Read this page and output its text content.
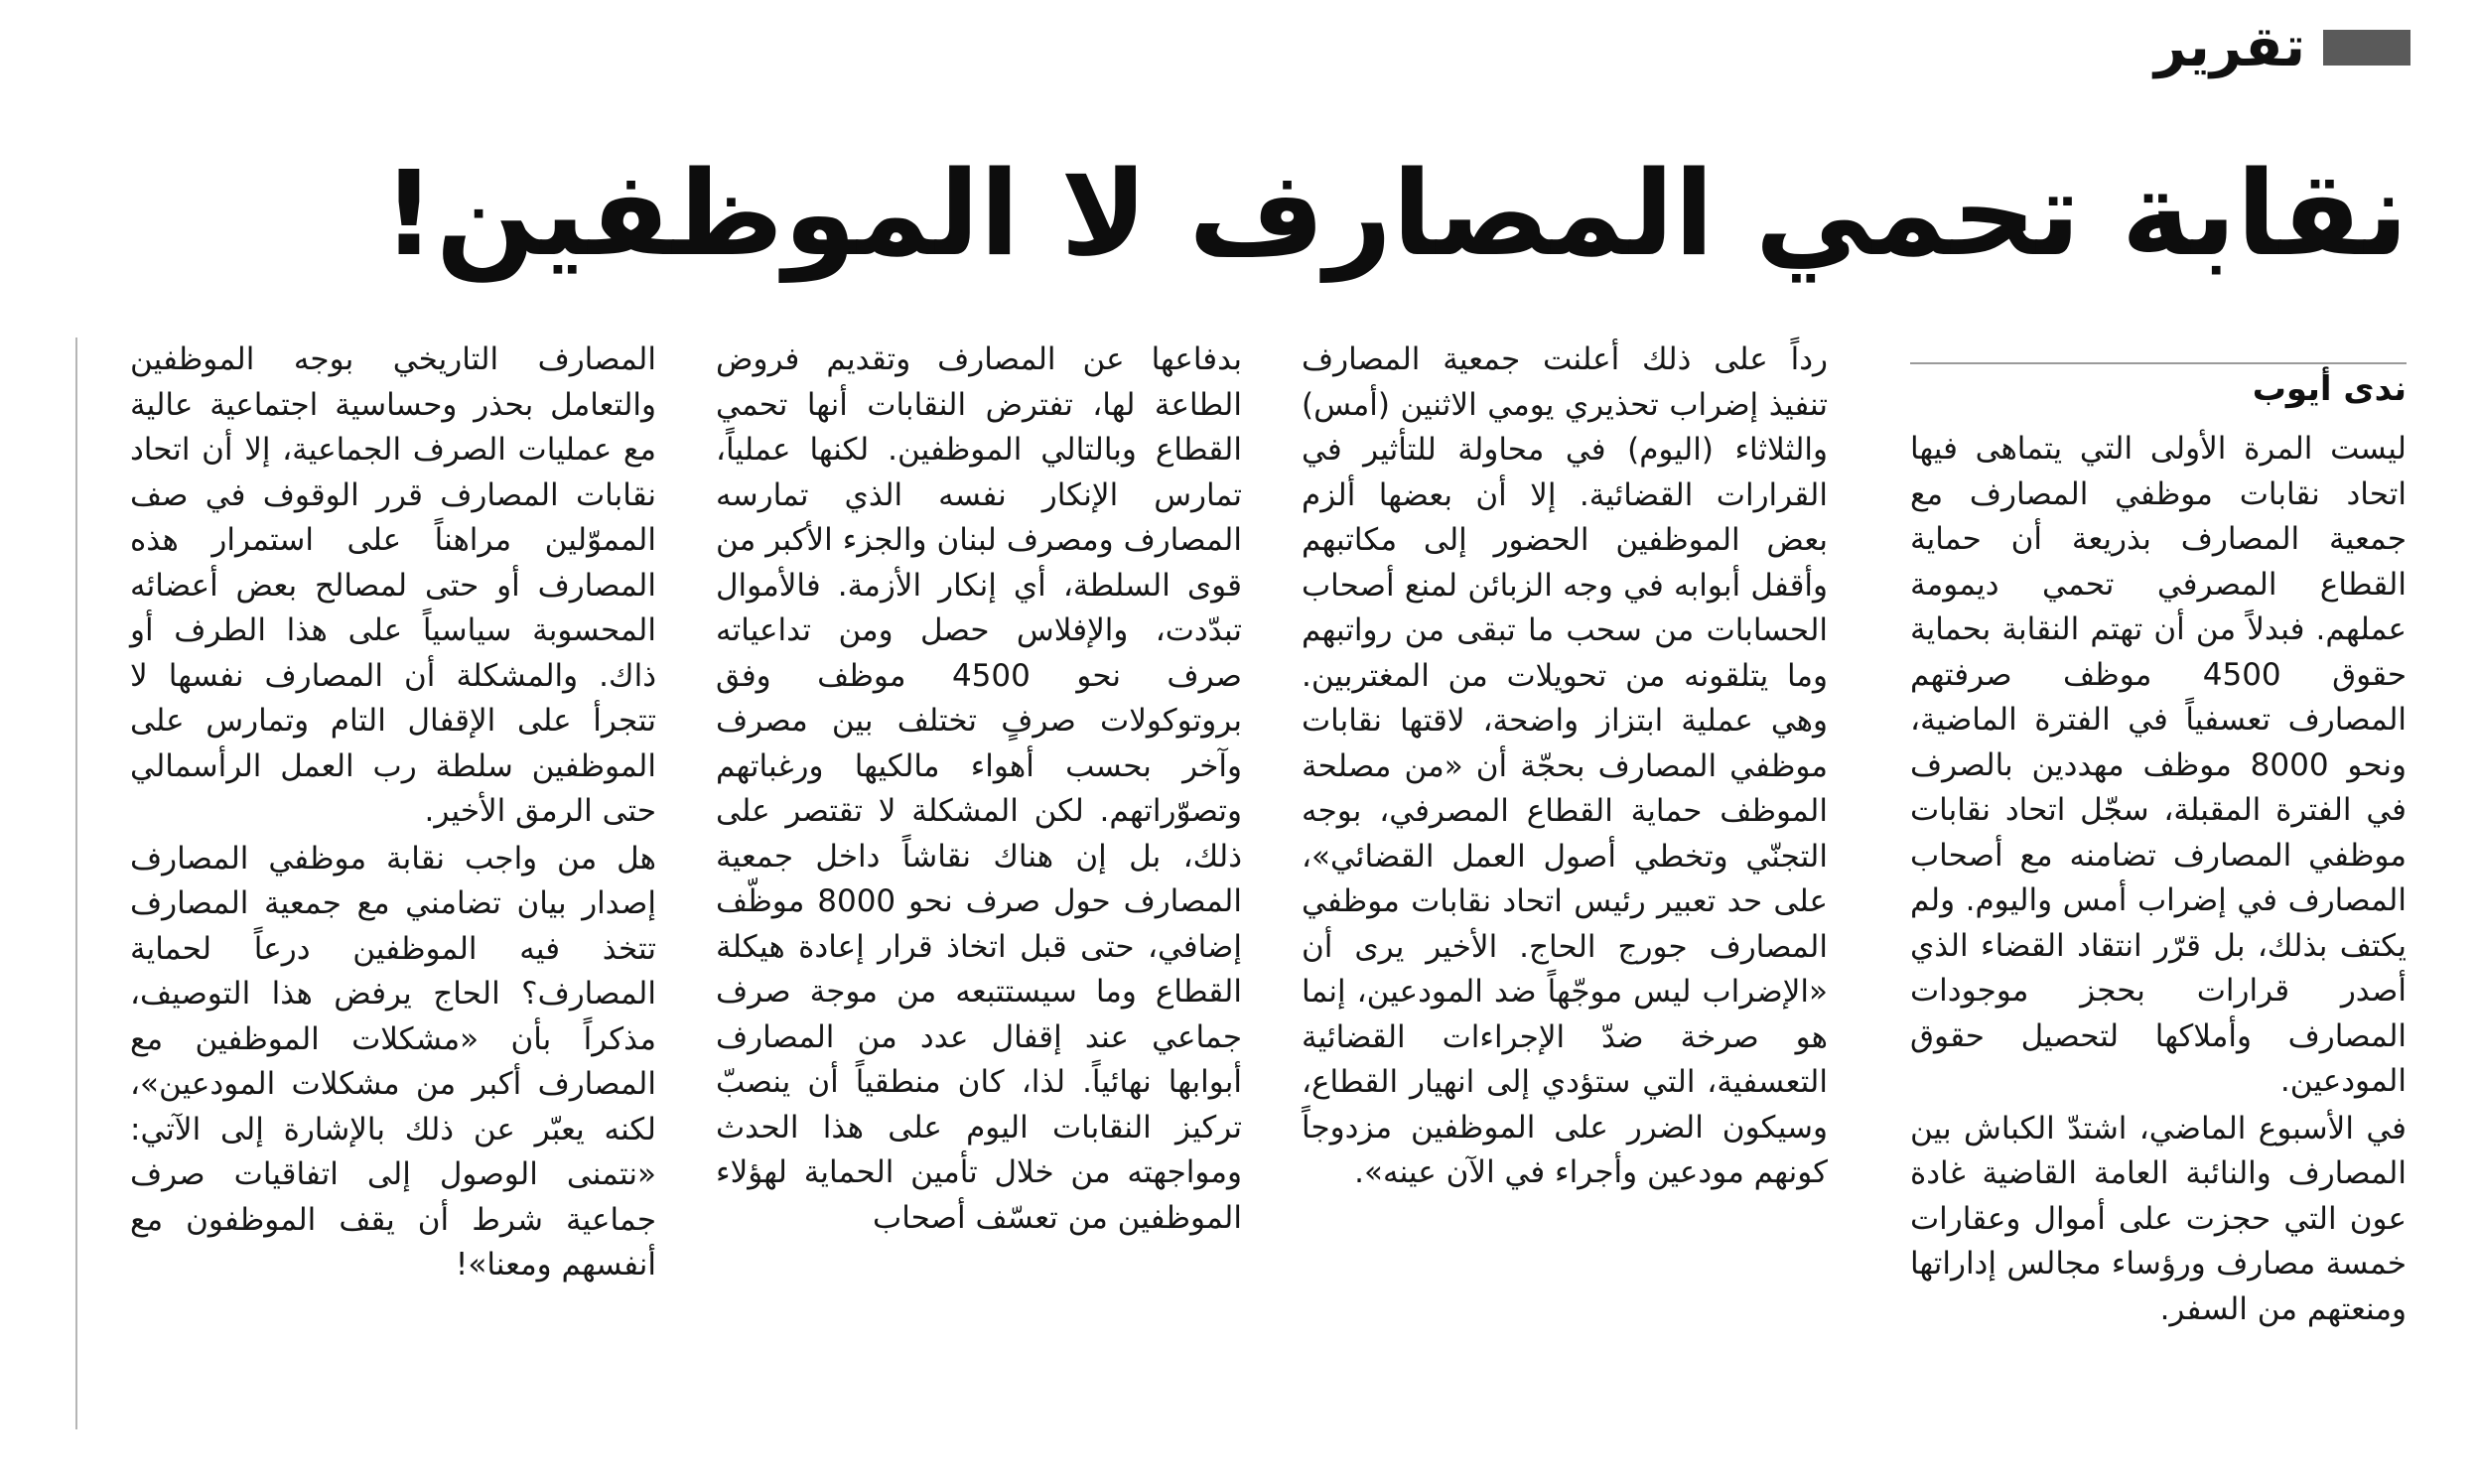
تقرير
نقابة تحمي المصارف لا الموظفين!
ندى أيوب

ليست المرة الأولى التي يتماهى فيها اتحاد نقابات موظفي المصارف مع جمعية المصارف بذريعة أن حماية القطاع المصرفي تحمي ديمومة عملهم. فبدلاً من أن تهتم النقابة بحماية حقوق 4500 موظف صرفتهم المصارف تعسفياً في الفترة الماضية، ونحو 8000 موظف مهددين بالصرف في الفترة المقبلة، سجّل اتحاد نقابات موظفي المصارف تضامنه مع أصحاب المصارف في إضراب أمس واليوم. ولم يكتف بذلك، بل قرّر انتقاد القضاء الذي أصدر قرارات بحجز موجودات المصارف وأملاكها لتحصيل حقوق المودعين.

في الأسبوع الماضي، اشتدّ الكباش بين المصارف والنائبة العامة القاضية غادة عون التي حجزت على أموال وعقارات خمسة مصارف ورؤساء مجالس إداراتها ومنعتهم من السفر.

رداً على ذلك أعلنت جمعية المصارف تنفيذ إضراب تحذيري يومي الاثنين (أمس) والثلاثاء (اليوم) في محاولة للتأثير في القرارات القضائية. إلا أن بعضها ألزم بعض الموظفين الحضور إلى مكاتبهم وأقفل أبوابه في وجه الزبائن لمنع أصحاب الحسابات من سحب ما تبقى من رواتبهم وما يتلقونه من تحويلات من المغتربين. وهي عملية ابتزاز واضحة، لاقتها نقابات موظفي المصارف بحجّة أن «من مصلحة الموظف حماية القطاع المصرفي، بوجه التجنّي وتخطي أصول العمل القضائي»، على حد تعبير رئيس اتحاد نقابات موظفي المصارف جورج الحاج. الأخير يرى أن «الإضراب ليس موجّهاً ضد المودعين، إنما هو صرخة ضدّ الإجراءات القضائية التعسفية، التي ستؤدي إلى انهيار القطاع، وسيكون الضرر على الموظفين مزدوجاً كونهم مودعين وأجراء في الآن عينه».

بدفاعها عن المصارف وتقديم فروض الطاعة لها، تفترض النقابات أنها تحمي القطاع وبالتالي الموظفين. لكنها عملياً، تمارس الإنكار نفسه الذي تمارسه المصارف ومصرف لبنان والجزء الأكبر من قوى السلطة، أي إنكار الأزمة. فالأموال تبدّدت، والإفلاس حصل ومن تداعياته صرف نحو 4500 موظف وفق بروتوكولات صرفٍ تختلف بين مصرف وآخر بحسب أهواء مالكيها ورغباتهم وتصوّراتهم. لكن المشكلة لا تقتصر على ذلك، بل إن هناك نقاشاً داخل جمعية المصارف حول صرف نحو 8000 موظّف إضافي، حتى قبل اتخاذ قرار إعادة هيكلة القطاع وما سيستتبعه من موجة صرف جماعي عند إقفال عدد من المصارف أبوابها نهائياً. لذا، كان منطقياً أن ينصبّ تركيز النقابات اليوم على هذا الحدث ومواجهته من خلال تأمين الحماية لهؤلاء الموظفين من تعسّف أصحاب

المصارف التاريخي بوجه الموظفين والتعامل بحذر وحساسية اجتماعية عالية مع عمليات الصرف الجماعية، إلا أن اتحاد نقابات المصارف قرر الوقوف في صف المموّلين مراهناً على استمرار هذه المصارف أو حتى لمصالح بعض أعضائه المحسوبة سياسياً على هذا الطرف أو ذاك. والمشكلة أن المصارف نفسها لا تتجرأ على الإقفال التام وتمارس على الموظفين سلطة رب العمل الرأسمالي حتى الرمق الأخير.

هل من واجب نقابة موظفي المصارف إصدار بيان تضامني مع جمعية المصارف تتخذ فيه الموظفين درعاً لحماية المصارف؟ الحاج يرفض هذا التوصيف، مذكراً بأن «مشكلات الموظفين مع المصارف أكبر من مشكلات المودعين»، لكنه يعبّر عن ذلك بالإشارة إلى الآتي: «نتمنى الوصول إلى اتفاقيات صرف جماعية شرط أن يقف الموظفون مع أنفسهم ومعنا»!
